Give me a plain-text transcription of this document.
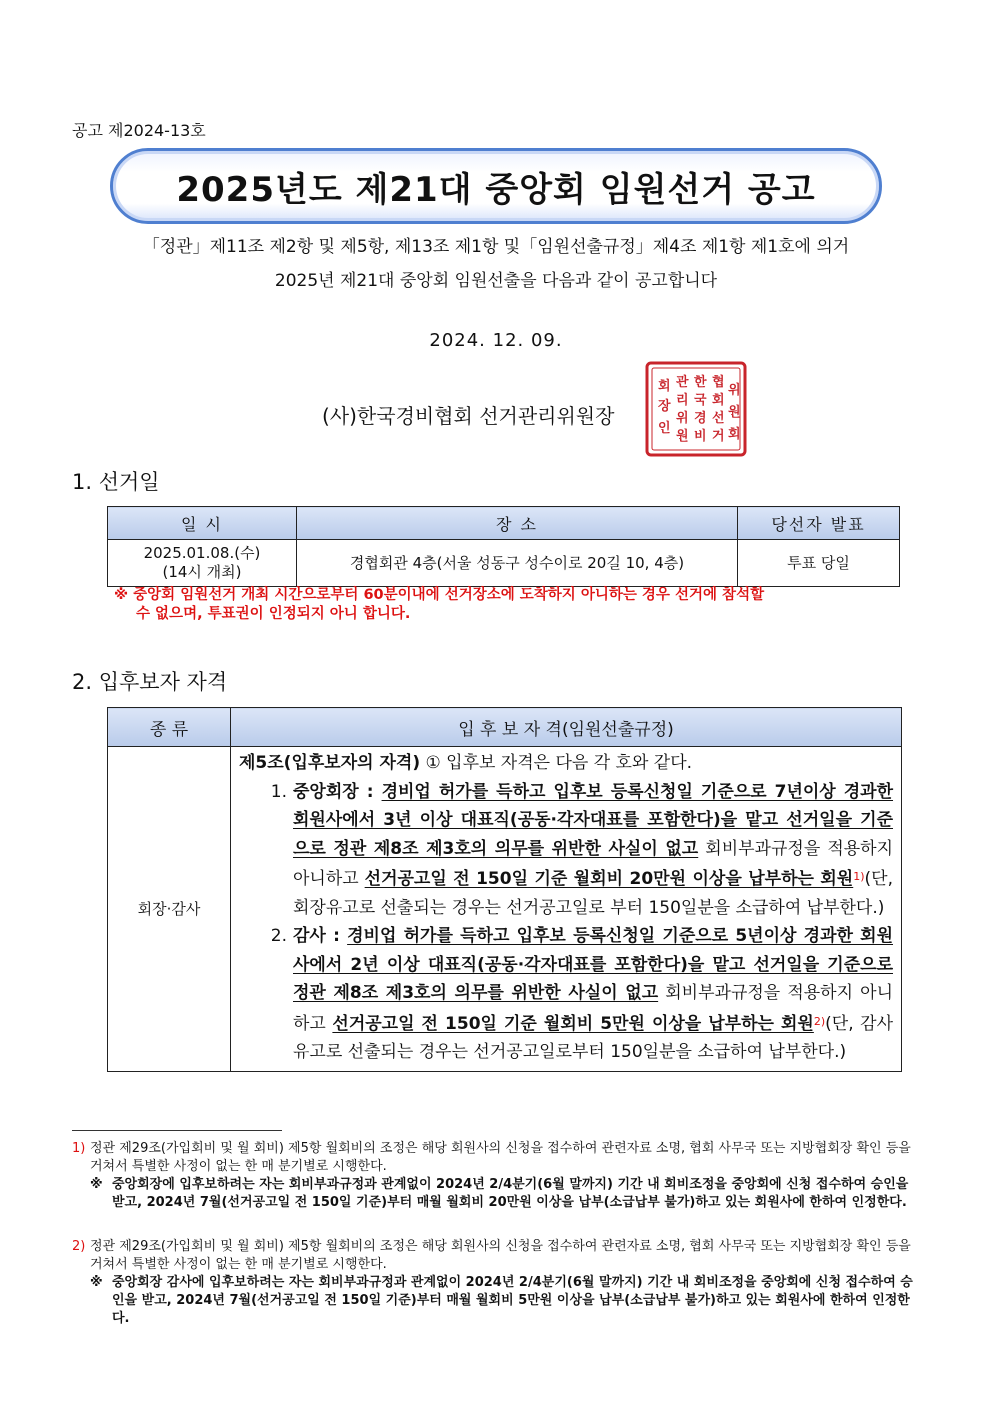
공고 제2024-13호
2025년도 제21대 중앙회 임원선거 공고
「정관」제11조 제2항 및 제5항, 제13조 제1항 및「임원선출규정」제4조 제1항 제1호에 의거
2025년 제21대 중앙회 임원선출을 다음과 같이 공고합니다
2024. 12. 09.
회
장
인
관
리
위
원
한
국
경
비
협
회
선
거
위
원
회
(사)한국경비협회 선거관리위원장
1. 선거일
일 시	장 소	당선자 발표

2025.01.08.(수)
(14시 개최)	경협회관 4층(서울 성동구 성수이로 20길 10, 4층)	투표 당일
※ 중앙회 임원선거 개최 시간으로부터 60분이내에 선거장소에 도착하지 아니하는 경우 선거에 참석할
수 없으며, 투표권이 인정되지 아니 합니다.
2. 입후보자 자격
종 류	입 후 보 자 격(임원선출규정)
회장·감사	제5조(입후보자의 자격) ① 입후보 자격은 다음 각 호와 같다.
1. 중앙회장 : 경비업 허가를 득하고 입후보 등록신청일 기준으로 7년이상 경과한 회원사에서 3년 이상 대표직(공동·각자대표를 포함한다)을 맡고 선거일을 기준으로 정관 제8조 제3호의 의무를 위반한 사실이 없고 회비부과규정을 적용하지 아니하고 선거공고일 전 150일 기준 월회비 20만원 이상을 납부하는 회원$^{1)}$(단, 회장유고로 선출되는 경우는 선거공고일로 부터 150일분을 소급하여 납부한다.)
2. 감사 : 경비업 허가를 득하고 입후보 등록신청일 기준으로 5년이상 경과한 회원사에서 2년 이상 대표직(공동·각자대표를 포함한다)을 맡고 선거일을 기준으로 정관 제8조 제3호의 의무를 위반한 사실이 없고 회비부과규정을 적용하지 아니하고 선거공고일 전 150일 기준 월회비 5만원 이상을 납부하는 회원$^{2)}$(단, 감사 유고로 선출되는 경우는 선거공고일로부터 150일분을 소급하여 납부한다.)
1) 정관 제29조(가입회비 및 월 회비) 제5항 월회비의 조정은 해당 회원사의 신청을 접수하여 관련자료 소명, 협회 사무국 또는 지방협회장 확인 등을 거쳐서 특별한 사정이 없는 한 매 분기별로 시행한다.
※ 중앙회장에 입후보하려는 자는 회비부과규정과 관계없이 2024년 2/4분기(6월 말까지) 기간 내 회비조정을 중앙회에 신청 접수하여 승인을 받고, 2024년 7월(선거공고일 전 150일 기준)부터 매월 월회비 20만원 이상을 납부(소급납부 불가)하고 있는 회원사에 한하여 인정한다.
2) 정관 제29조(가입회비 및 월 회비) 제5항 월회비의 조정은 해당 회원사의 신청을 접수하여 관련자료 소명, 협회 사무국 또는 지방협회장 확인 등을 거쳐서 특별한 사정이 없는 한 매 분기별로 시행한다.
※ 중앙회장 감사에 입후보하려는 자는 회비부과규정과 관계없이 2024년 2/4분기(6월 말까지) 기간 내 회비조정을 중앙회에 신청 접수하여 승인을 받고, 2024년 7월(선거공고일 전 150일 기준)부터 매월 월회비 5만원 이상을 납부(소급납부 불가)하고 있는 회원사에 한하여 인정한다.
